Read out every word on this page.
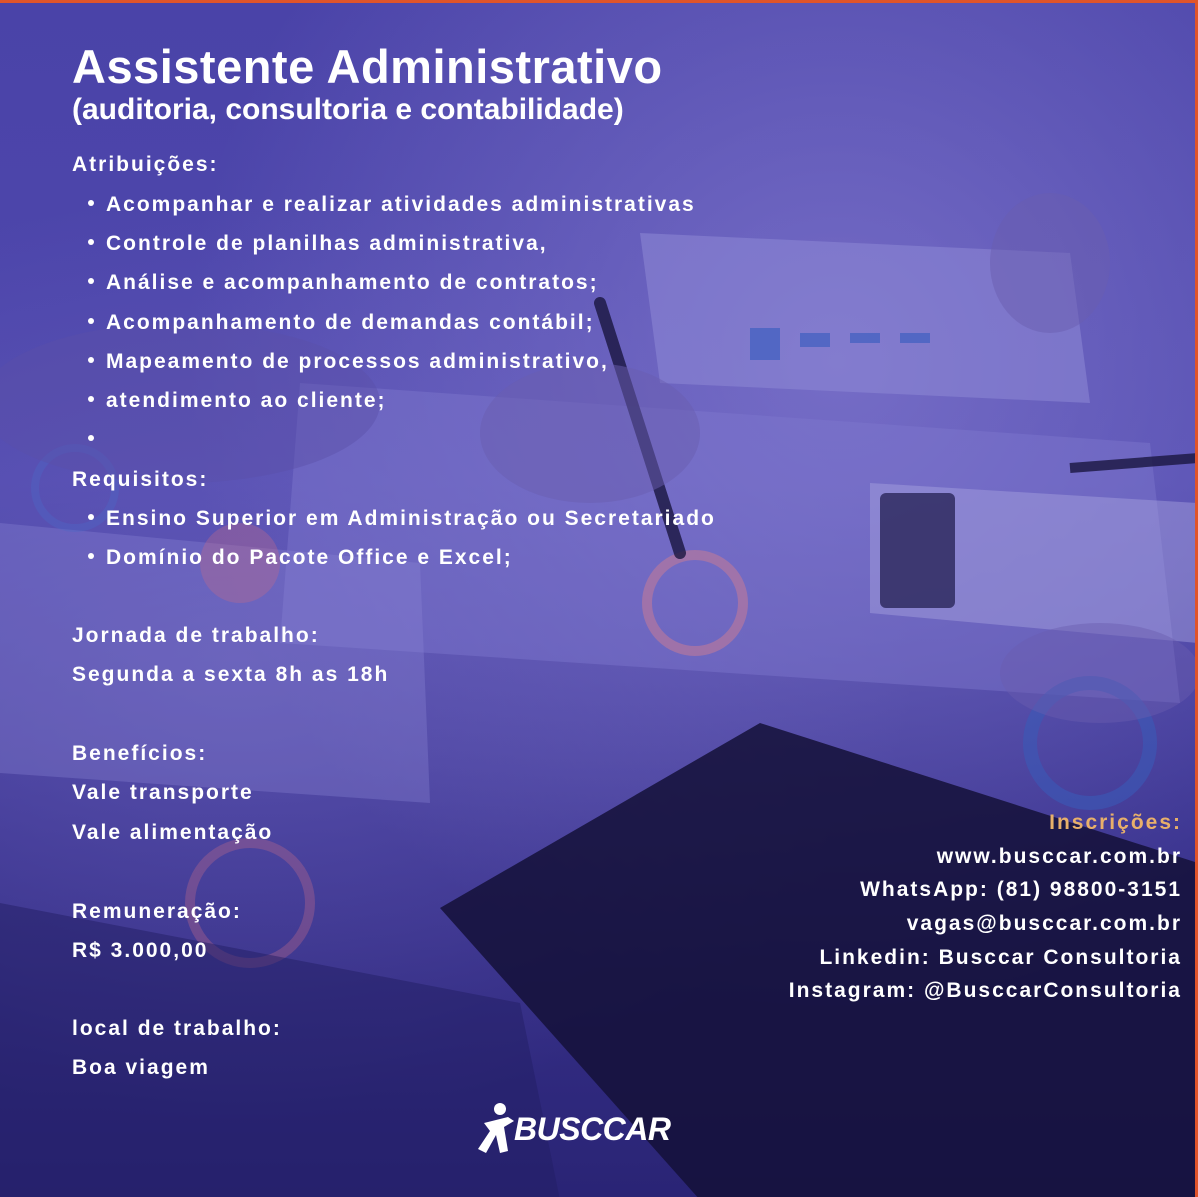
Assistente Administrativo
(auditoria, consultoria e contabilidade)
Atribuições:
Acompanhar e realizar atividades administrativas
Controle de planilhas administrativa,
Análise e acompanhamento de contratos;
Acompanhamento de demandas contábil;
Mapeamento de processos administrativo,
atendimento ao cliente;
Requisitos:
Ensino Superior em Administração ou Secretariado
Domínio do Pacote Office e Excel;
Jornada de trabalho:
Segunda a sexta 8h as 18h
Benefícios:
Vale transporte
Vale alimentação
Remuneração:
R$ 3.000,00
local de trabalho:
Boa viagem
Inscrições:
www.busccar.com.br
WhatsApp: (81) 98800-3151
vagas@busccar.com.br
Linkedin: Busccar Consultoria
Instagram: @BusccarConsultoria
BUSCCAR
